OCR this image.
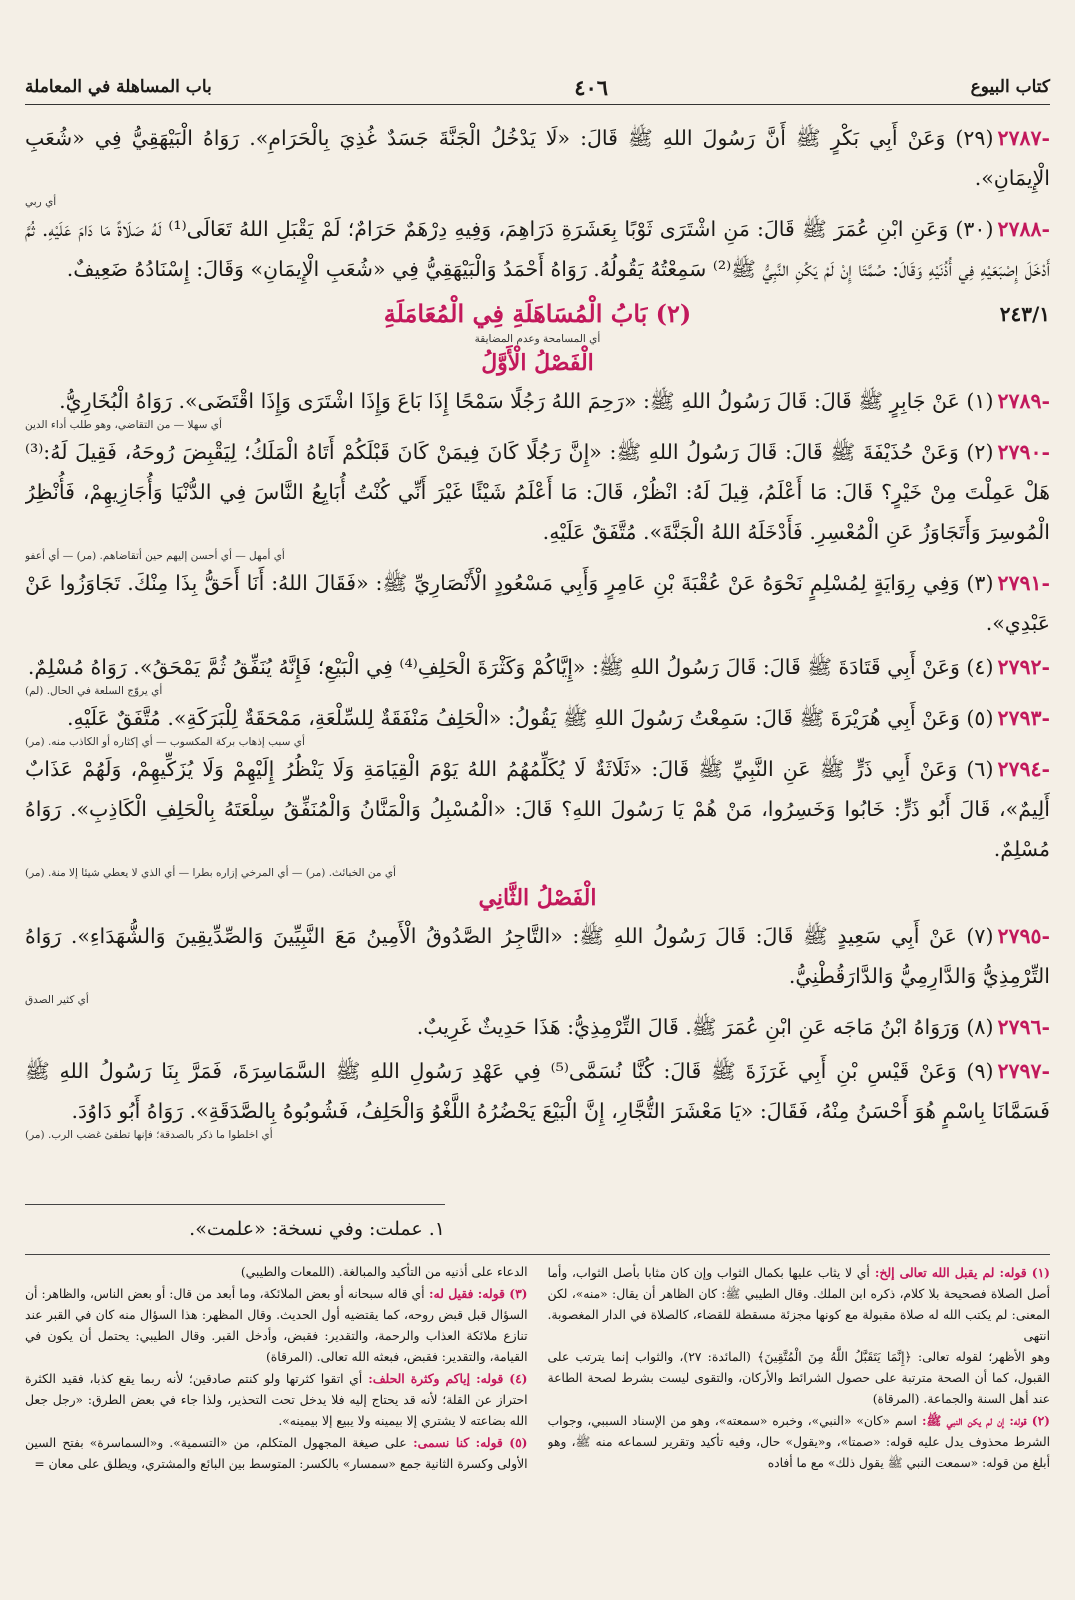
كتاب البيوع
٤٠٦
باب المساهلة في المعاملة

-٢٧٨٧(٢٩) وَعَنْ أَبِي بَكْرٍ ﷺ أَنَّ رَسُولَ اللهِ ﷺ قَالَ: «لَا يَدْخُلُ الْجَنَّةَ جَسَدٌ غُذِيَ بِالْحَرَامِ». رَوَاهُ الْبَيْهَقِيُّ فِي «شُعَبِ الْإِيمَانِ».

أي ربي

-٢٧٨٨(٣٠) وَعَنِ ابْنِ عُمَرَ ﷺ قَالَ: مَنِ اشْتَرَى ثَوْبًا بِعَشَرَةِ دَرَاهِمَ، وَفِيهِ دِرْهَمٌ حَرَامٌ؛ لَمْ يَقْبَلِ اللهُ تَعَالَى⁽¹⁾ لَهُ صَلَاةً مَا دَامَ عَلَيْهِ. ثُمَّ أَدْخَلَ إِصْبَعَيْهِ فِي أُذُنَيْهِ وَقَالَ: صُمَّتَا إِنْ لَمْ يَكُنِ النَّبِيُّ ﷺ⁽²⁾ سَمِعْتُهُ يَقُولُهُ. رَوَاهُ أَحْمَدُ وَالْبَيْهَقِيُّ فِي «شُعَبِ الْإِيمَانِ» وَقَالَ: إِسْنَادُهُ ضَعِيفٌ.

٢٤٣/١
(٢) بَابُ الْمُسَاهَلَةِ فِي الْمُعَامَلَةِ
أي المسامحة وعدم المضايقة
الْفَصْلُ الْأَوَّلُ

-٢٧٨٩(١) عَنْ جَابِرٍ ﷺ قَالَ: قَالَ رَسُولُ اللهِ ﷺ: «رَحِمَ اللهُ رَجُلًا سَمْحًا إِذَا بَاعَ وَإِذَا اشْتَرَى وَإِذَا اقْتَضَى». رَوَاهُ الْبُخَارِيُّ.

أي سهلا — من التقاضي، وهو طلب أداء الدين

-٢٧٩٠(٢) وَعَنْ حُذَيْفَةَ ﷺ قَالَ: قَالَ رَسُولُ اللهِ ﷺ: «إِنَّ رَجُلًا كَانَ فِيمَنْ كَانَ قَبْلَكُمْ أَتَاهُ الْمَلَكُ؛ لِيَقْبِضَ رُوحَهُ، فَقِيلَ لَهُ:⁽³⁾ هَلْ عَمِلْتَ مِنْ خَيْرٍ؟ قَالَ: مَا أَعْلَمُ، قِيلَ لَهُ: انْظُرْ، قَالَ: مَا أَعْلَمُ شَيْئًا غَيْرَ أَنِّي كُنْتُ أُبَايِعُ النَّاسَ فِي الدُّنْيَا وَأُجَازِيهِمْ، فَأُنْظِرُ الْمُوسِرَ وَأَتَجَاوَزُ عَنِ الْمُعْسِرِ. فَأَدْخَلَهُ اللهُ الْجَنَّةَ». مُتَّفَقٌ عَلَيْهِ.

أي أمهل — أي أحسن إليهم حين أتقاضاهم. (مر) — أي أعفو

-٢٧٩١(٣) وَفِي رِوَايَةٍ لِمُسْلِمٍ نَحْوَهُ عَنْ عُقْبَةَ بْنِ عَامِرٍ وَأَبِي مَسْعُودٍ الْأَنْصَارِيِّ ﷺ: «فَقَالَ اللهُ: أَنَا أَحَقُّ بِذَا مِنْكَ. تَجَاوَزُوا عَنْ عَبْدِي».

-٢٧٩٢(٤) وَعَنْ أَبِي قَتَادَةَ ﷺ قَالَ: قَالَ رَسُولُ اللهِ ﷺ: «إِيَّاكُمْ وَكَثْرَةَ الْحَلِفِ⁽⁴⁾ فِي الْبَيْعِ؛ فَإِنَّهُ يُنَفِّقُ ثُمَّ يَمْحَقُ». رَوَاهُ مُسْلِمٌ.

أي يروّج السلعة في الحال. (لم)

-٢٧٩٣(٥) وَعَنْ أَبِي هُرَيْرَةَ ﷺ قَالَ: سَمِعْتُ رَسُولَ اللهِ ﷺ يَقُولُ: «الْحَلِفُ مَنْفَقَةٌ لِلسِّلْعَةِ، مَمْحَقَةٌ لِلْبَرَكَةِ». مُتَّفَقٌ عَلَيْهِ.

أي سبب إذهاب بركة المكسوب — أي إكثاره أو الكاذب منه. (مر)

-٢٧٩٤(٦) وَعَنْ أَبِي ذَرٍّ ﷺ عَنِ النَّبِيِّ ﷺ قَالَ: «ثَلَاثَةٌ لَا يُكَلِّمُهُمُ اللهُ يَوْمَ الْقِيَامَةِ وَلَا يَنْظُرُ إِلَيْهِمْ وَلَا يُزَكِّيهِمْ، وَلَهُمْ عَذَابٌ أَلِيمٌ»، قَالَ أَبُو ذَرٍّ: خَابُوا وَخَسِرُوا، مَنْ هُمْ يَا رَسُولَ اللهِ؟ قَالَ: «الْمُسْبِلُ وَالْمَنَّانُ وَالْمُنَفِّقُ سِلْعَتَهُ بِالْحَلِفِ الْكَاذِبِ». رَوَاهُ مُسْلِمٌ.

أي من الخبائث. (مر) — أي المرخي إزاره بطرا — أي الذي لا يعطي شيئا إلا منة. (مر)
الْفَصْلُ الثَّانِي

-٢٧٩٥(٧) عَنْ أَبِي سَعِيدٍ ﷺ قَالَ: قَالَ رَسُولُ اللهِ ﷺ: «التَّاجِرُ الصَّدُوقُ الْأَمِينُ مَعَ النَّبِيِّينَ وَالصِّدِّيقِينَ وَالشُّهَدَاءِ». رَوَاهُ التِّرْمِذِيُّ وَالدَّارِمِيُّ وَالدَّارَقُطْنِيُّ.

أي كثير الصدق

-٢٧٩٦(٨) وَرَوَاهُ ابْنُ مَاجَه عَنِ ابْنِ عُمَرَ ﷺ. قَالَ التِّرْمِذِيُّ: هَذَا حَدِيثٌ غَرِيبٌ.

-٢٧٩٧(٩) وَعَنْ قَيْسِ بْنِ أَبِي غَرَزَةَ ﷺ قَالَ: كُنَّا نُسَمَّى⁽⁵⁾ فِي عَهْدِ رَسُولِ اللهِ ﷺ السَّمَاسِرَةَ، فَمَرَّ بِنَا رَسُولُ اللهِ ﷺ فَسَمَّانَا بِاسْمٍ هُوَ أَحْسَنُ مِنْهُ، فَقَالَ: «يَا مَعْشَرَ التُّجَّارِ، إِنَّ الْبَيْعَ يَحْضُرُهُ اللَّغْوُ وَالْحَلِفُ، فَشُوبُوهُ بِالصَّدَقَةِ». رَوَاهُ أَبُو دَاوُدَ.

أي اخلطوا ما ذكر بالصدقة؛ فإنها تطفئ غضب الرب. (مر)
١. عملت: وفي نسخة: «علمت».
(١) قوله: لم يقبل الله تعالى إلخ: أي لا يثاب عليها بكمال الثواب وإن كان مثابا بأصل الثواب، وأما أصل الصلاة فصحيحة بلا كلام، ذكره ابن الملك. وقال الطيبي ﷺ: كان الظاهر أن يقال: «منه»، لكن المعنى: لم يكتب الله له صلاة مقبولة مع كونها مجزئة مسقطة للقضاء، كالصلاة في الدار المغصوبة. انتهى
وهو الأظهر؛ لقوله تعالى: ﴿إِنَّمَا يَتَقَبَّلُ اللَّهُ مِنَ الْمُتَّقِينَ﴾ (المائدة: ٢٧)، والثواب إنما يترتب على القبول، كما أن الصحة مترتبة على حصول الشرائط والأركان، والتقوى ليست بشرط لصحة الطاعة عند أهل السنة والجماعة. (المرقاة)
(٢) قوله: إن لم يكن النبي ﷺ: اسم «كان» «النبي»، وخبره «سمعته»، وهو من الإسناد السببي، وجواب الشرط محذوف يدل عليه قوله: «صمتا»، و«يقول» حال، وفيه تأكيد وتقرير لسماعه منه ﷺ، وهو أبلغ من قوله: «سمعت النبي ﷺ يقول ذلك» مع ما أفاده
الدعاء على أذنيه من التأكيد والمبالغة. (اللمعات والطيبي)
(٣) قوله: فقيل له: أي قاله سبحانه أو بعض الملائكة، وما أبعد من قال: أو بعض الناس، والظاهر: أن السؤال قبل قبض روحه، كما يقتضيه أول الحديث. وقال المظهر: هذا السؤال منه كان في القبر عند تنازع ملائكة العذاب والرحمة، والتقدير: فقبض، وأدخل القبر. وقال الطيبي: يحتمل أن يكون في القيامة، والتقدير: فقبض، فبعثه الله تعالى. (المرقاة)
(٤) قوله: إياكم وكثرة الحلف: أي اتقوا كثرتها ولو كنتم صادقين؛ لأنه ربما يقع كذبا، فقيد الكثرة احتراز عن القلة؛ لأنه قد يحتاج إليه فلا يدخل تحت التحذير، ولذا جاء في بعض الطرق: «رجل جعل الله بضاعته لا يشتري إلا بيمينه ولا يبيع إلا بيمينه».
(٥) قوله: كنا نسمى: على صيغة المجهول المتكلم، من «التسمية». و«السماسرة» بفتح السين الأولى وكسرة الثانية جمع «سمسار» بالكسر: المتوسط بين البائع والمشتري، ويطلق على معان =
